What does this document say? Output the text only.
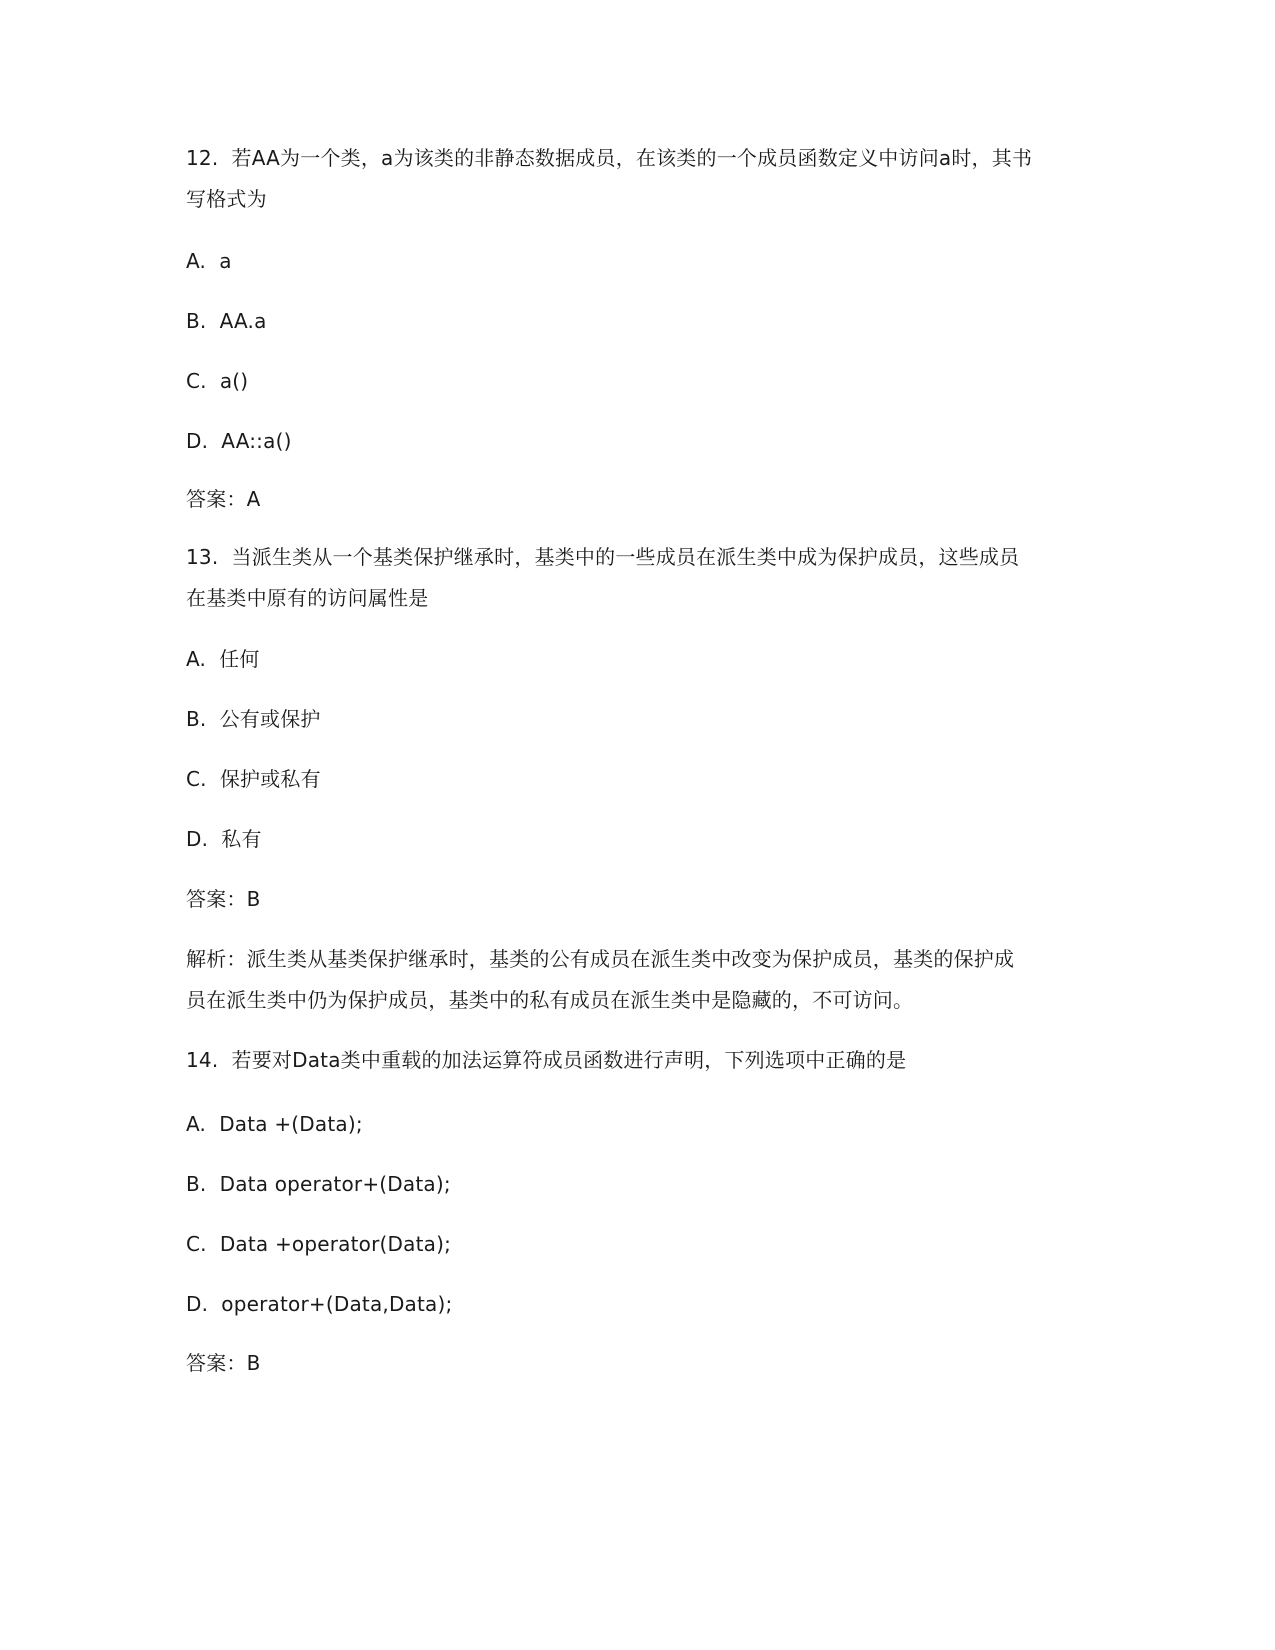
12.  若AA为一个类，a为该类的非静态数据成员，在该类的一个成员函数定义中访问a时，其书
写格式为
A.  a
B.  AA.a
C.  a()
D.  AA::a()
答案：A
13.  当派生类从一个基类保护继承时，基类中的一些成员在派生类中成为保护成员，这些成员
在基类中原有的访问属性是
A.  任何
B.  公有或保护
C.  保护或私有
D.  私有
答案：B
解析：派生类从基类保护继承时，基类的公有成员在派生类中改变为保护成员，基类的保护成
员在派生类中仍为保护成员，基类中的私有成员在派生类中是隐藏的，不可访问。
14.  若要对Data类中重载的加法运算符成员函数进行声明，下列选项中正确的是
A.  Data +(Data);
B.  Data operator+(Data);
C.  Data +operator(Data);
D.  operator+(Data,Data);
答案：B
